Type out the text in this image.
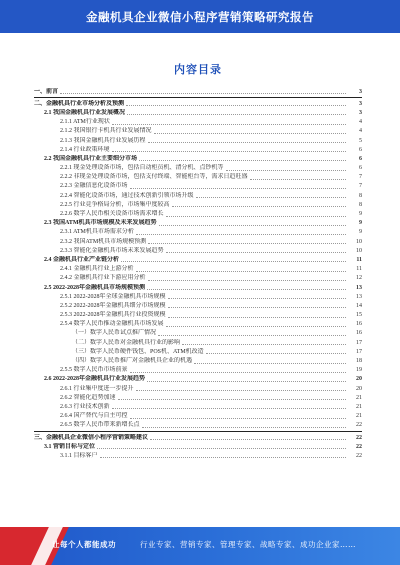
金融机具企业微信小程序营销策略研究报告
内容目录
一、前言	3
二、金融机具行业市场分析及预测	3
2.1 我国金融机具行业发展概况	3
2.1.1 ATM行业现状	4
2.1.2 我国银行卡机具行业发展情况	4
2.1.3 我国金融机具行业发展历程	5
2.1.4 行业政策环境	6
2.2 我国金融机具行业主要细分市场	6
2.2.1 现金处理设备市场，包括自动柜员机、清分机、点钞机等	6
2.2.2 非现金处理设备市场，包括支付终端、智能柜台等，需求日趋旺盛	7
2.2.3 金融信息化设备市场	7
2.2.4 智能化设备市场，通过技术创新引领市场升级	8
2.2.5 行业竞争格局分析，市场集中度较高	8
2.2.6 数字人民币相关设备市场需求增长	9
2.3 我国ATM机具市场规模及未来发展趋势	9
2.3.1 ATM机具市场需求分析	9
2.3.2 我国ATM机具市场规模预测	10
2.3.3 智能化金融机具市场未来发展趋势	10
2.4 金融机具行业产业链分析	11
2.4.1 金融机具行业上游分析	11
2.4.2 金融机具行业下游应用分析	12
2.5 2022-2028年金融机具市场规模预测	13
2.5.1 2022-2028年全球金融机具市场规模	13
2.5.2 2022-2028年金融机具细分市场规模	14
2.5.3 2022-2028年金融机具行业投资规模	15
2.5.4 数字人民币推动金融机具市场发展	16
（一）数字人民币试点推广情况	16
（二）数字人民币对金融机具行业的影响	17
（三）数字人民币硬件钱包、POS机、ATM机改造	17
（四）数字人民币推广对金融机具企业的机遇	18
2.5.5 数字人民币市场前景	19
2.6 2022-2028年金融机具行业发展趋势	20
2.6.1 行业集中度进一步提升	20
2.6.2 智能化趋势加速	21
2.6.3 行业技术创新	21
2.6.4 国产替代与自主可控	21
2.6.5 数字人民币带来新增长点	22
三、金融机具企业微信小程序营销策略建议	22
3.1 营销目标与定位	22
3.1.1 目标客户	22
让每个人都能成功	行业专家、营销专家、管理专家、战略专家、成功企业家……
